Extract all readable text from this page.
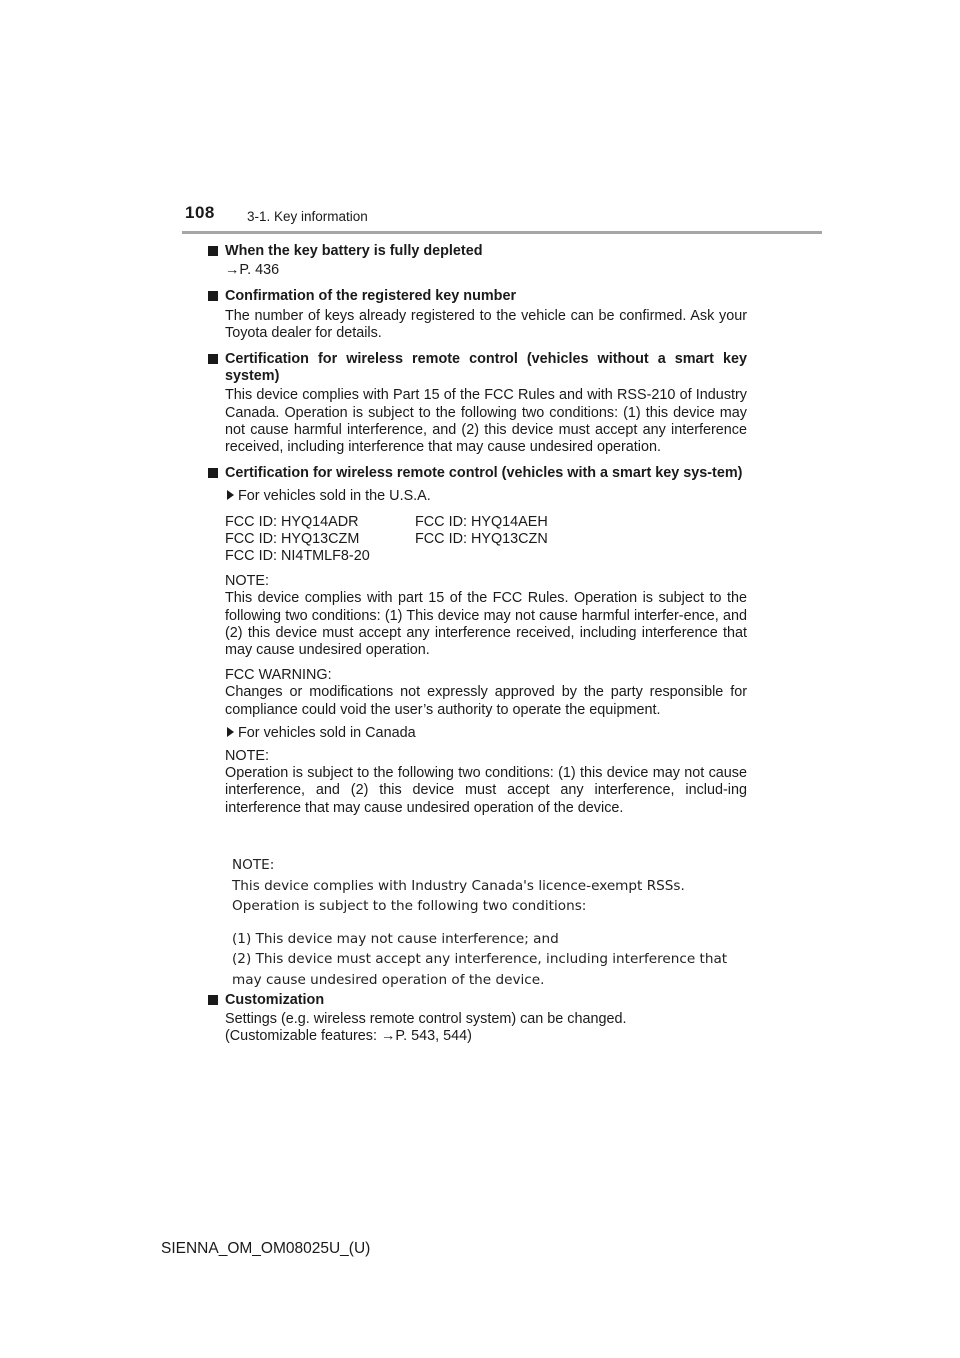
108 3-1. Key information
When the key battery is fully depleted
→P. 436
Confirmation of the registered key number
The number of keys already registered to the vehicle can be confirmed. Ask your Toyota dealer for details.
Certification for wireless remote control (vehicles without a smart key system)
This device complies with Part 15 of the FCC Rules and with RSS-210 of Industry Canada. Operation is subject to the following two conditions: (1) this device may not cause harmful interference, and (2) this device must accept any interference received, including interference that may cause undesired operation.
Certification for wireless remote control (vehicles with a smart key sys-tem)
For vehicles sold in the U.S.A.
FCC ID: HYQ14ADR	FCC ID: HYQ14AEH
FCC ID: HYQ13CZM	FCC ID: HYQ13CZN
FCC ID: NI4TMLF8-20
NOTE:
This device complies with part 15 of the FCC Rules. Operation is subject to the following two conditions: (1) This device may not cause harmful interfer-ence, and (2) this device must accept any interference received, including interference that may cause undesired operation.
FCC WARNING:
Changes or modifications not expressly approved by the party responsible for compliance could void the user’s authority to operate the equipment.
For vehicles sold in Canada
NOTE:
Operation is subject to the following two conditions: (1) this device may not cause interference, and (2) this device must accept any interference, includ-ing interference that may cause undesired operation of the device.
NOTE:
This device complies with Industry Canada's licence-exempt RSSs.
Operation is subject to the following two conditions:
(1) This device may not cause interference; and
(2) This device must accept any interference, including interference that
may cause undesired operation of the device.
Customization
Settings (e.g. wireless remote control system) can be changed.
(Customizable features: →P. 543, 544)
SIENNA_OM_OM08025U_(U)
